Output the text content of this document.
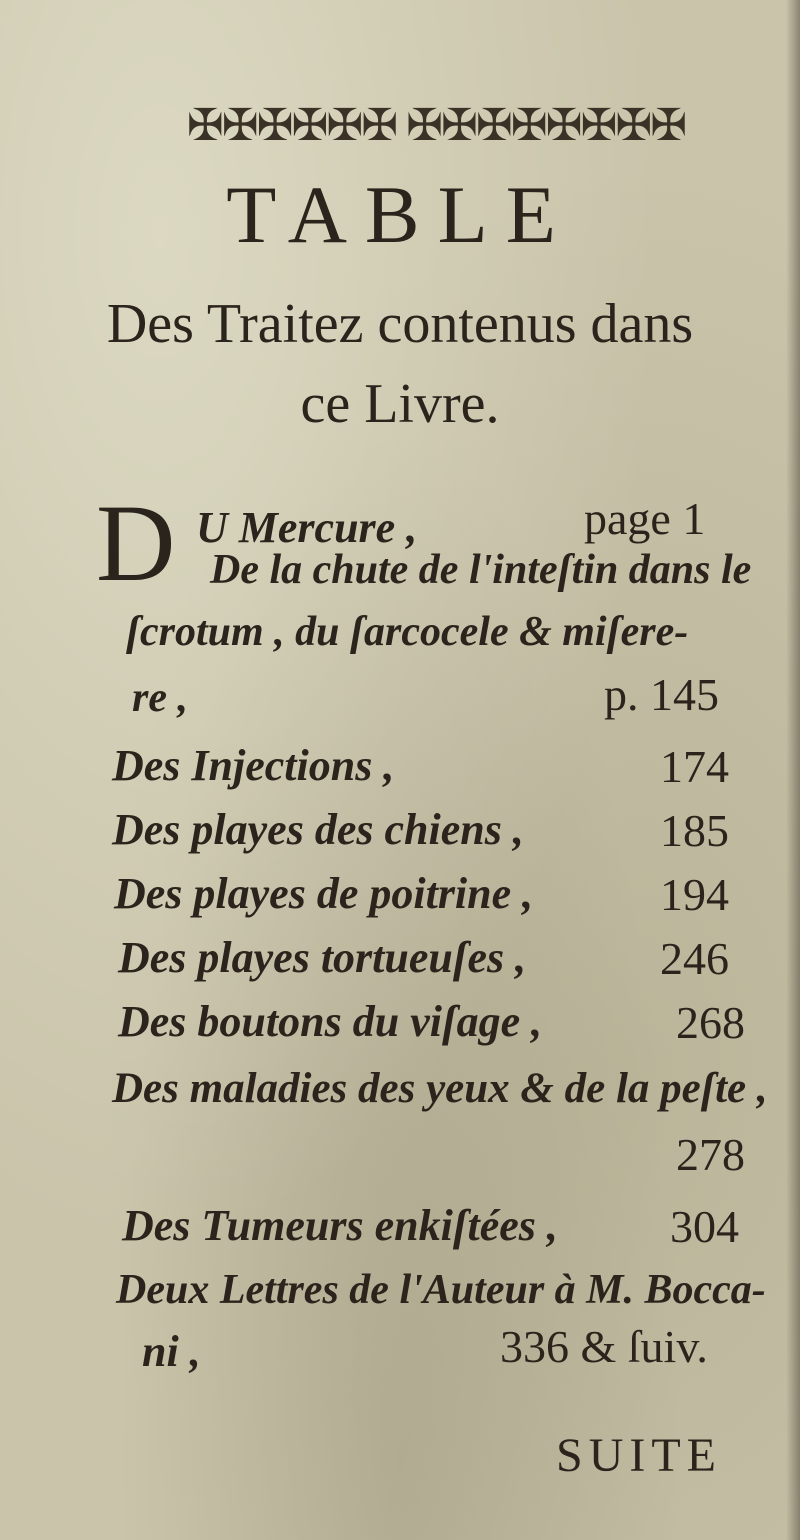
✠ ✠ ✠ ✠ ✠ ✠ ✠ ✠ ✠ ✠ ✠ ✠ ✠ ✠
TABLE
Des Traitez contenus dans
ce Livre.
D U Mercure ,	page 1
De la chute de l'inteſtin dans le
ſcrotum , du ſarcocele & miſere-
re ,	p. 145
Des Injections ,	174
Des playes des chiens ,	185
Des playes de poitrine ,	194
Des playes tortueuſes ,	246
Des boutons du viſage ,	268
Des maladies des yeux & de la peſte ,
278
Des Tumeurs enkiſtées , 304
Deux Lettres de l'Auteur à M. Bocca-
ni ,	336 & ſuiv.
SUITE
